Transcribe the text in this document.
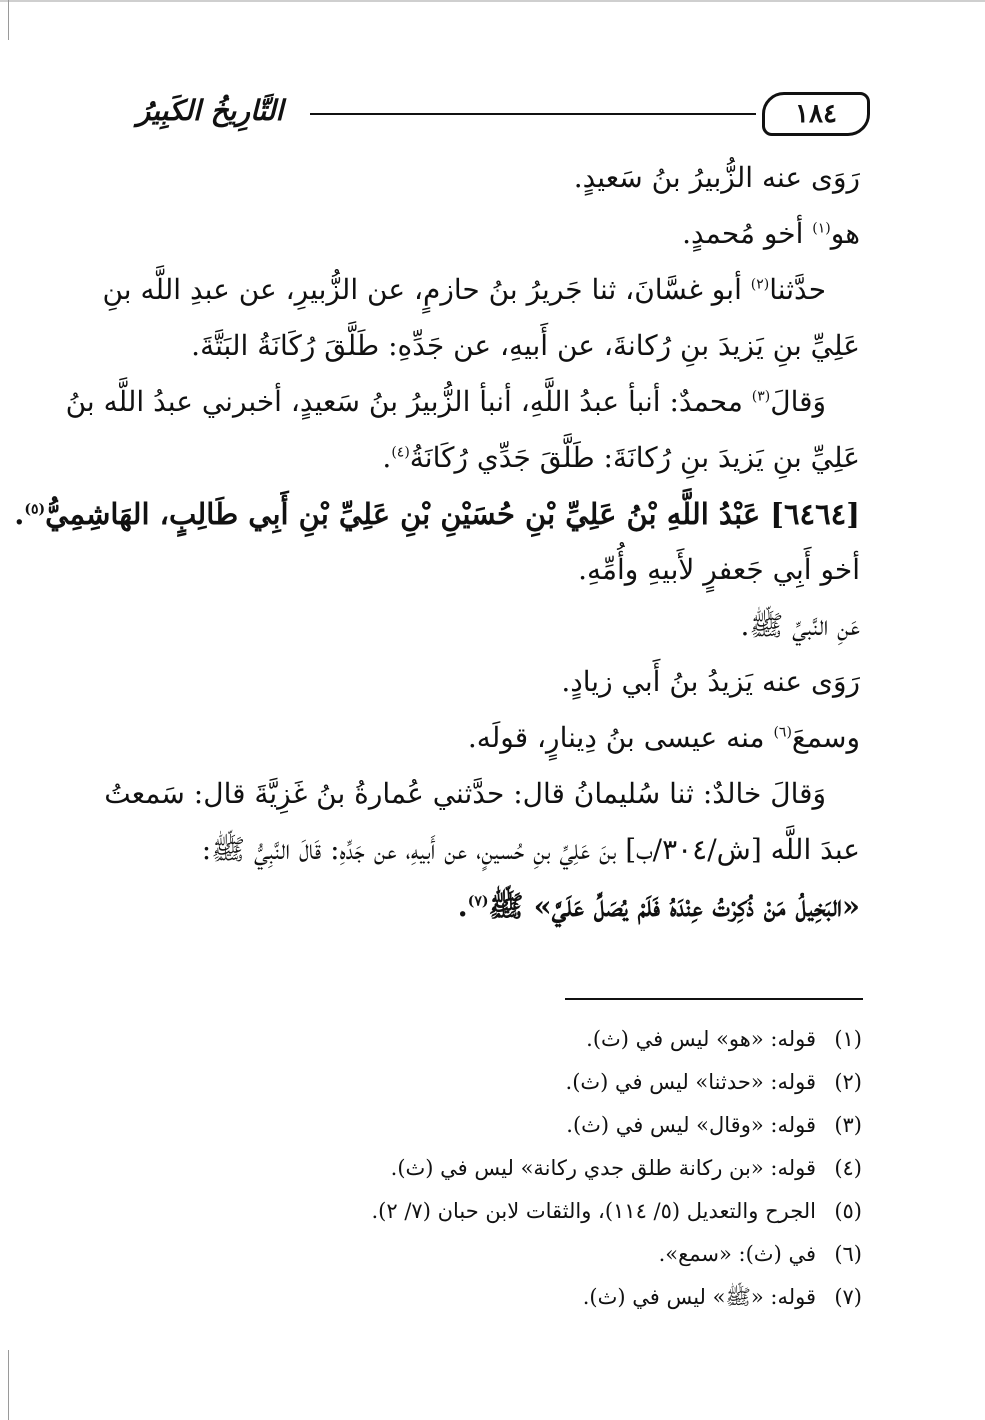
١٨٤
التَّارِيخُ الكَبِيرُ
رَوَى عنه الزُّبيرُ بنُ سَعيدٍ.
هو$^{(١)}$ أخو مُحمدٍ.
حدَّثنا$^{(٢)}$ أبو غسَّانَ، ثنا جَريرُ بنُ حازمٍ، عن الزُّبيرِ، عن عبدِ اللَّه بنِ
عَلِيِّ بنِ يَزيدَ بنِ رُكانةَ، عن أَبيهِ، عن جَدِّهِ: طَلَّقَ رُكَانَةُ البَتَّةَ.
وَقالَ$^{(٣)}$ محمدٌ: أنبأ عبدُ اللَّهِ، أنبأ الزُّبيرُ بنُ سَعيدٍ، أخبرني عبدُ اللَّه بنُ
عَلِيِّ بنِ يَزيدَ بنِ رُكانَةَ: طَلَّقَ جَدِّي رُكَانَةُ$^{(٤)}$.
[٦٤٦٤] عَبْدُ اللَّهِ بْنُ عَلِيِّ بْنِ حُسَيْنِ بْنِ عَلِيِّ بْنِ أَبِي طَالِبٍ، الهَاشِمِيُّ$^{(٥)}$.
أخو أَبِي جَعفرٍ لأَبيهِ وأُمِّهِ.
عَنِ النَّبيِّ ﷺ.
رَوَى عنه يَزيدُ بنُ أَبي زيادٍ.
وسمعَ$^{(٦)}$ منه عيسى بنُ دِينارٍ، قولَه.
وَقالَ خالدٌ: ثنا سُليمانُ قال: حدَّثني عُمارةُ بنُ غَزِيَّةَ قال: سَمعتُ
عبدَ اللَّه [ش/٣٠٤/ب] بنَ عَلِيِّ بنِ حُسينٍ، عن أَبيهِ، عن جَدِّهِ: قَالَ النَّبِيُّ ﷺ:
«البَخِيلُ مَنْ ذُكِرْتُ عِنْدَهُ فَلَمْ يُصَلِّ عَلَيَّ» ﷺ$^{(٧)}$.
(١)قوله: «هو» ليس في (ث).
(٢)قوله: «حدثنا» ليس في (ث).
(٣)قوله: «وقال» ليس في (ث).
(٤)قوله: «بن ركانة طلق جدي ركانة» ليس في (ث).
(٥)الجرح والتعديل (٥/ ١١٤)، والثقات لابن حبان (٧/ ٢).
(٦)في (ث): «سمع».
(٧)قوله: «ﷺ» ليس في (ث).
